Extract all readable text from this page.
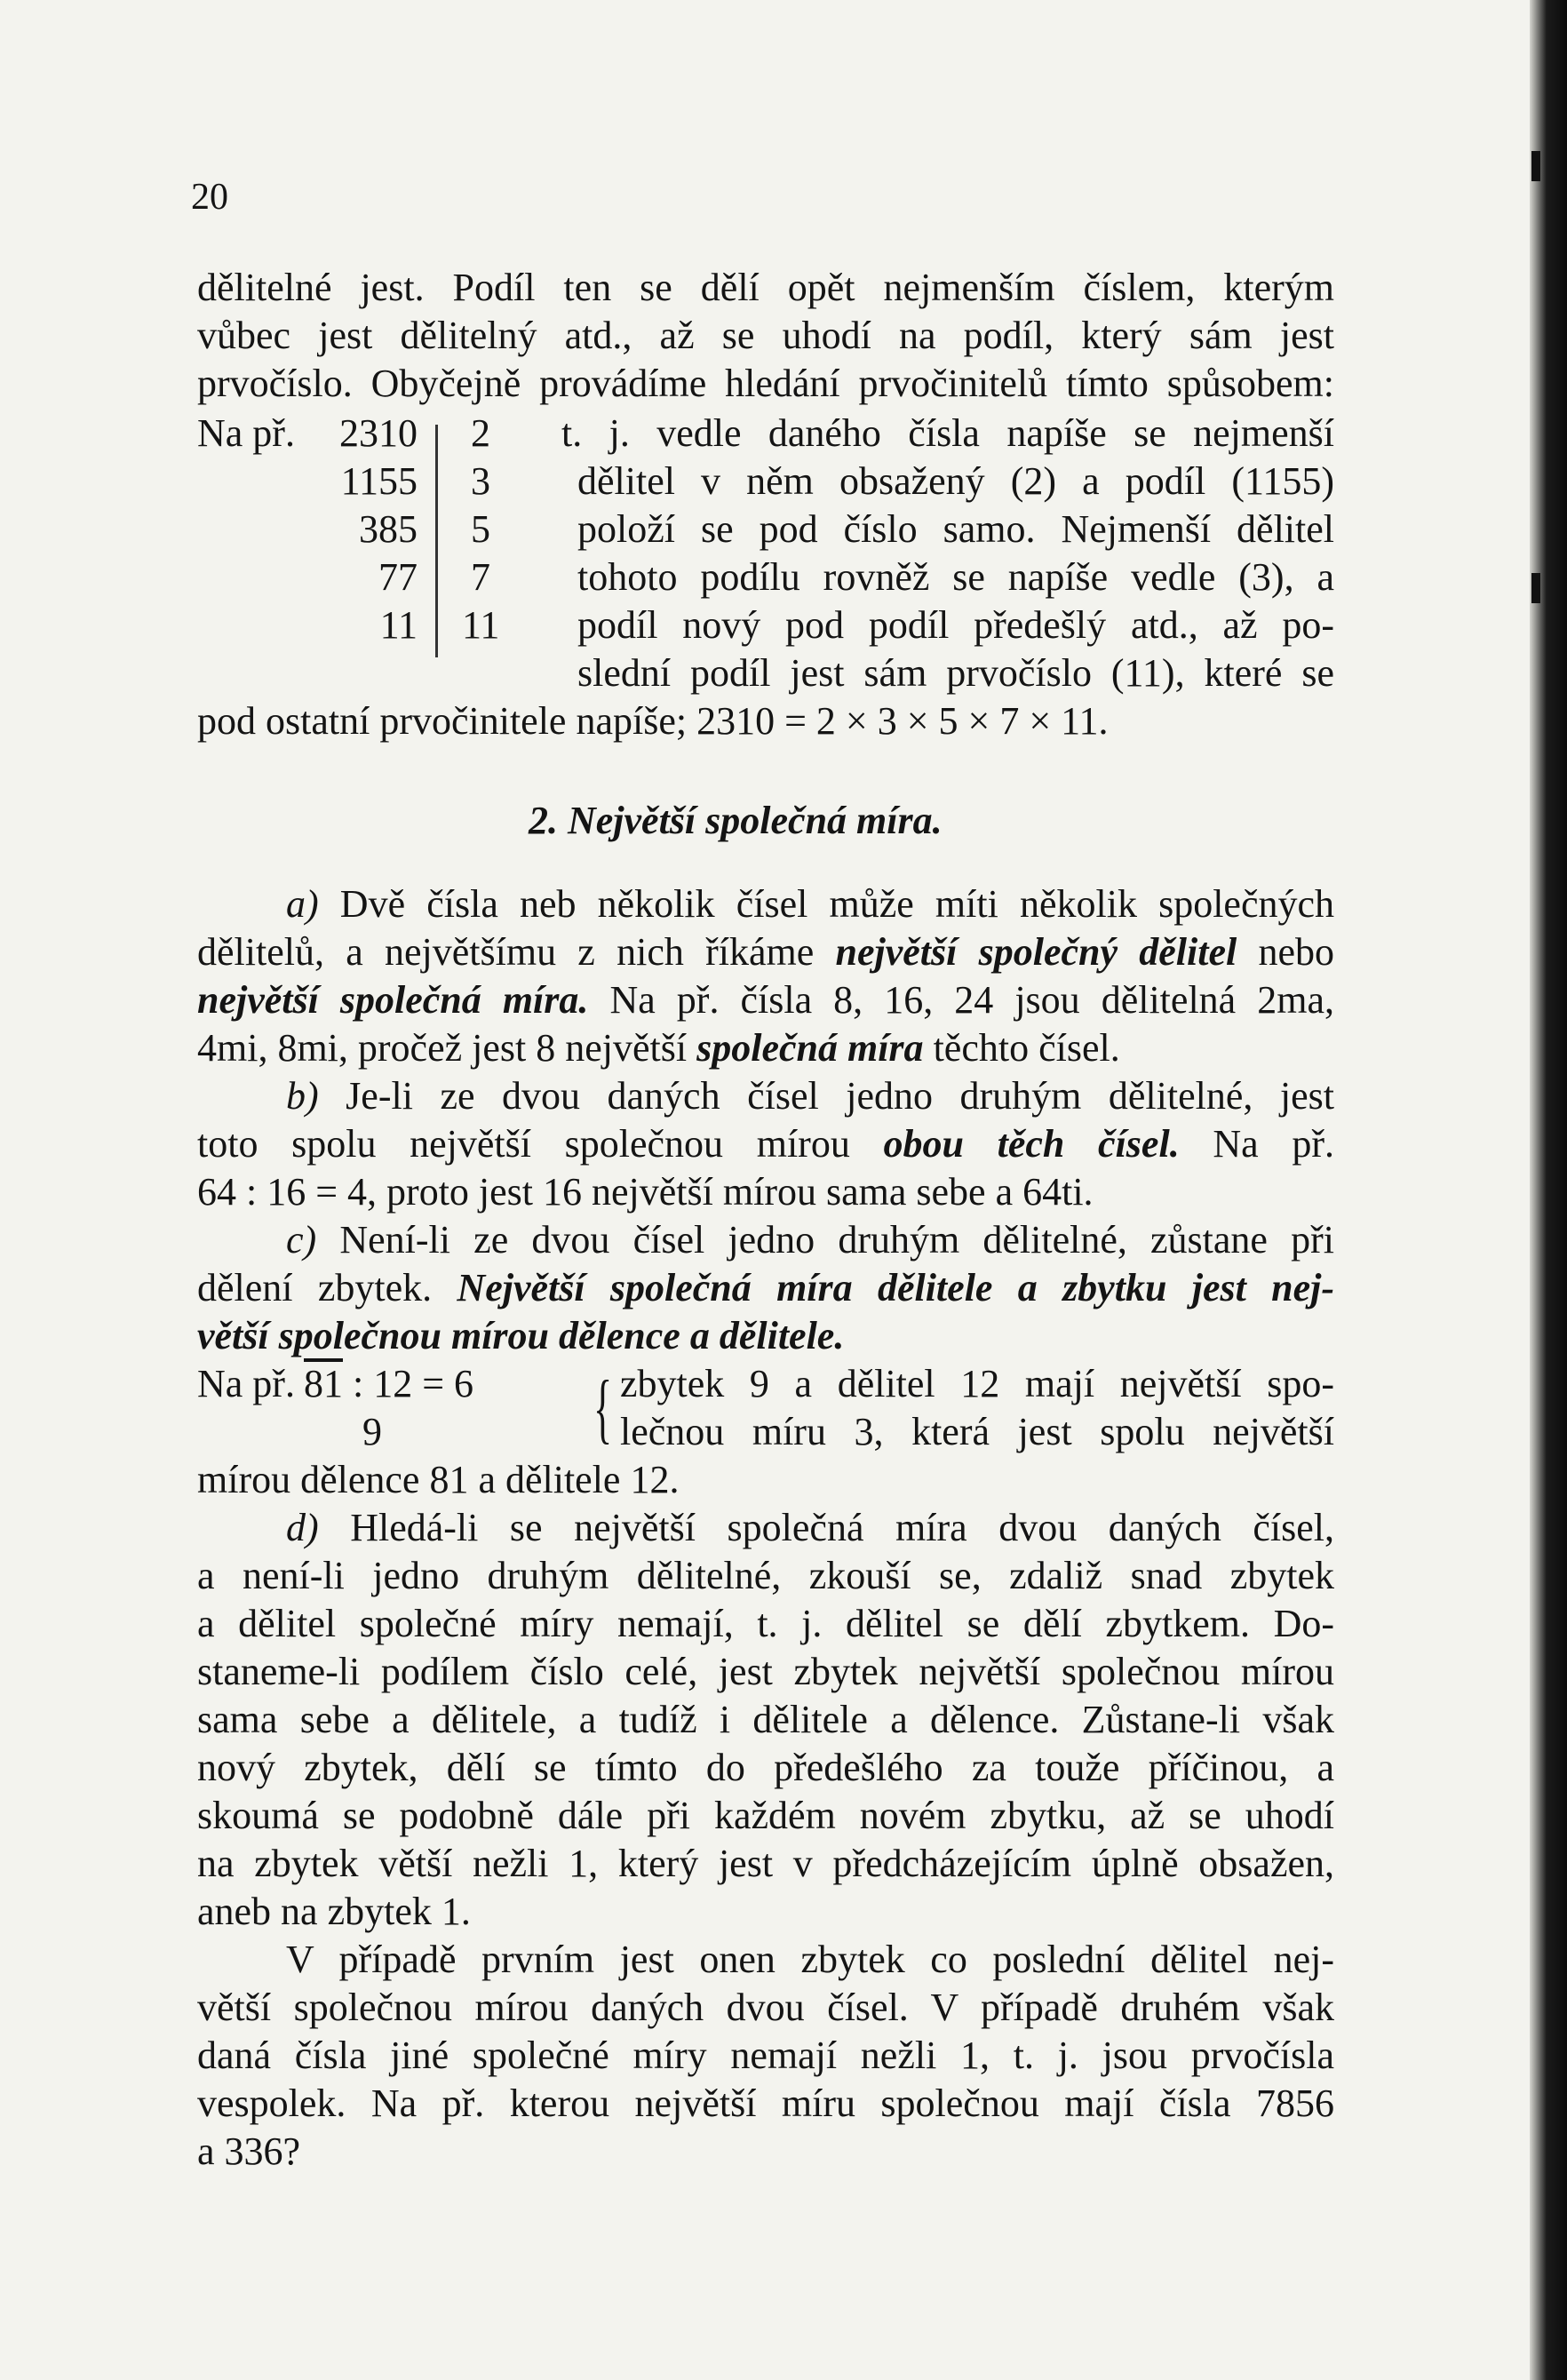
20
dělitelné jest. Podíl ten se dělí opět nejmenším číslem, kterým
vůbec jest dělitelný atd., až se uhodí na podíl, který sám jest
prvočíslo. Obyčejně provádíme hledání prvočinitelů tímto spůsobem:
Na př.	2310
1155
385
77
11
2
3
5
7
11
t. j. vedle daného čísla napíše se nejmenší
dělitel v něm obsažený (2) a podíl (1155)
položí se pod číslo samo. Nejmenší dělitel
tohoto podílu rovněž se napíše vedle (3), a
podíl nový pod podíl předešlý atd., až po-
slední podíl jest sám prvočíslo (11), které se
pod ostatní prvočinitele napíše; 2310 = 2 × 3 × 5 × 7 × 11.
2. Největší společná míra.
a) Dvě čísla neb několik čísel může míti několik společných
dělitelů, a největšímu z nich říkáme největší společný dělitel nebo
největší společná míra. Na př. čísla 8, 16, 24 jsou dělitelná 2ma,
4mi, 8mi, pročež jest 8 největší společná míra těchto čísel.
b) Je-li ze dvou daných čísel jedno druhým dělitelné, jest
toto spolu největší společnou mírou obou těch čísel. Na př.
64 : 16 = 4, proto jest 16 největší mírou sama sebe a 64ti.
c) Není-li ze dvou čísel jedno druhým dělitelné, zůstane při
dělení zbytek. Největší společná míra dělitele a zbytku jest nej-
větší společnou mírou dělence a dělitele.
Na př. 81 : 12 = 6
9	{ zbytek 9 a dělitel 12 mají největší spo-
lečnou míru 3, která jest spolu největší
mírou dělence 81 a dělitele 12.
d) Hledá-li se největší společná míra dvou daných čísel,
a není-li jedno druhým dělitelné, zkouší se, zdaliž snad zbytek
a dělitel společné míry nemají, t. j. dělitel se dělí zbytkem. Do-
staneme-li podílem číslo celé, jest zbytek největší společnou mírou
sama sebe a dělitele, a tudíž i dělitele a dělence. Zůstane-li však
nový zbytek, dělí se tímto do předešlého za touže příčinou, a
skoumá se podobně dále při každém novém zbytku, až se uhodí
na zbytek větší nežli 1, který jest v předcházejícím úplně obsažen,
aneb na zbytek 1.
V případě prvním jest onen zbytek co poslední dělitel nej-
větší společnou mírou daných dvou čísel. V případě druhém však
daná čísla jiné společné míry nemají nežli 1, t. j. jsou prvočísla
vespolek. Na př. kterou největší míru společnou mají čísla 7856
a 336?
